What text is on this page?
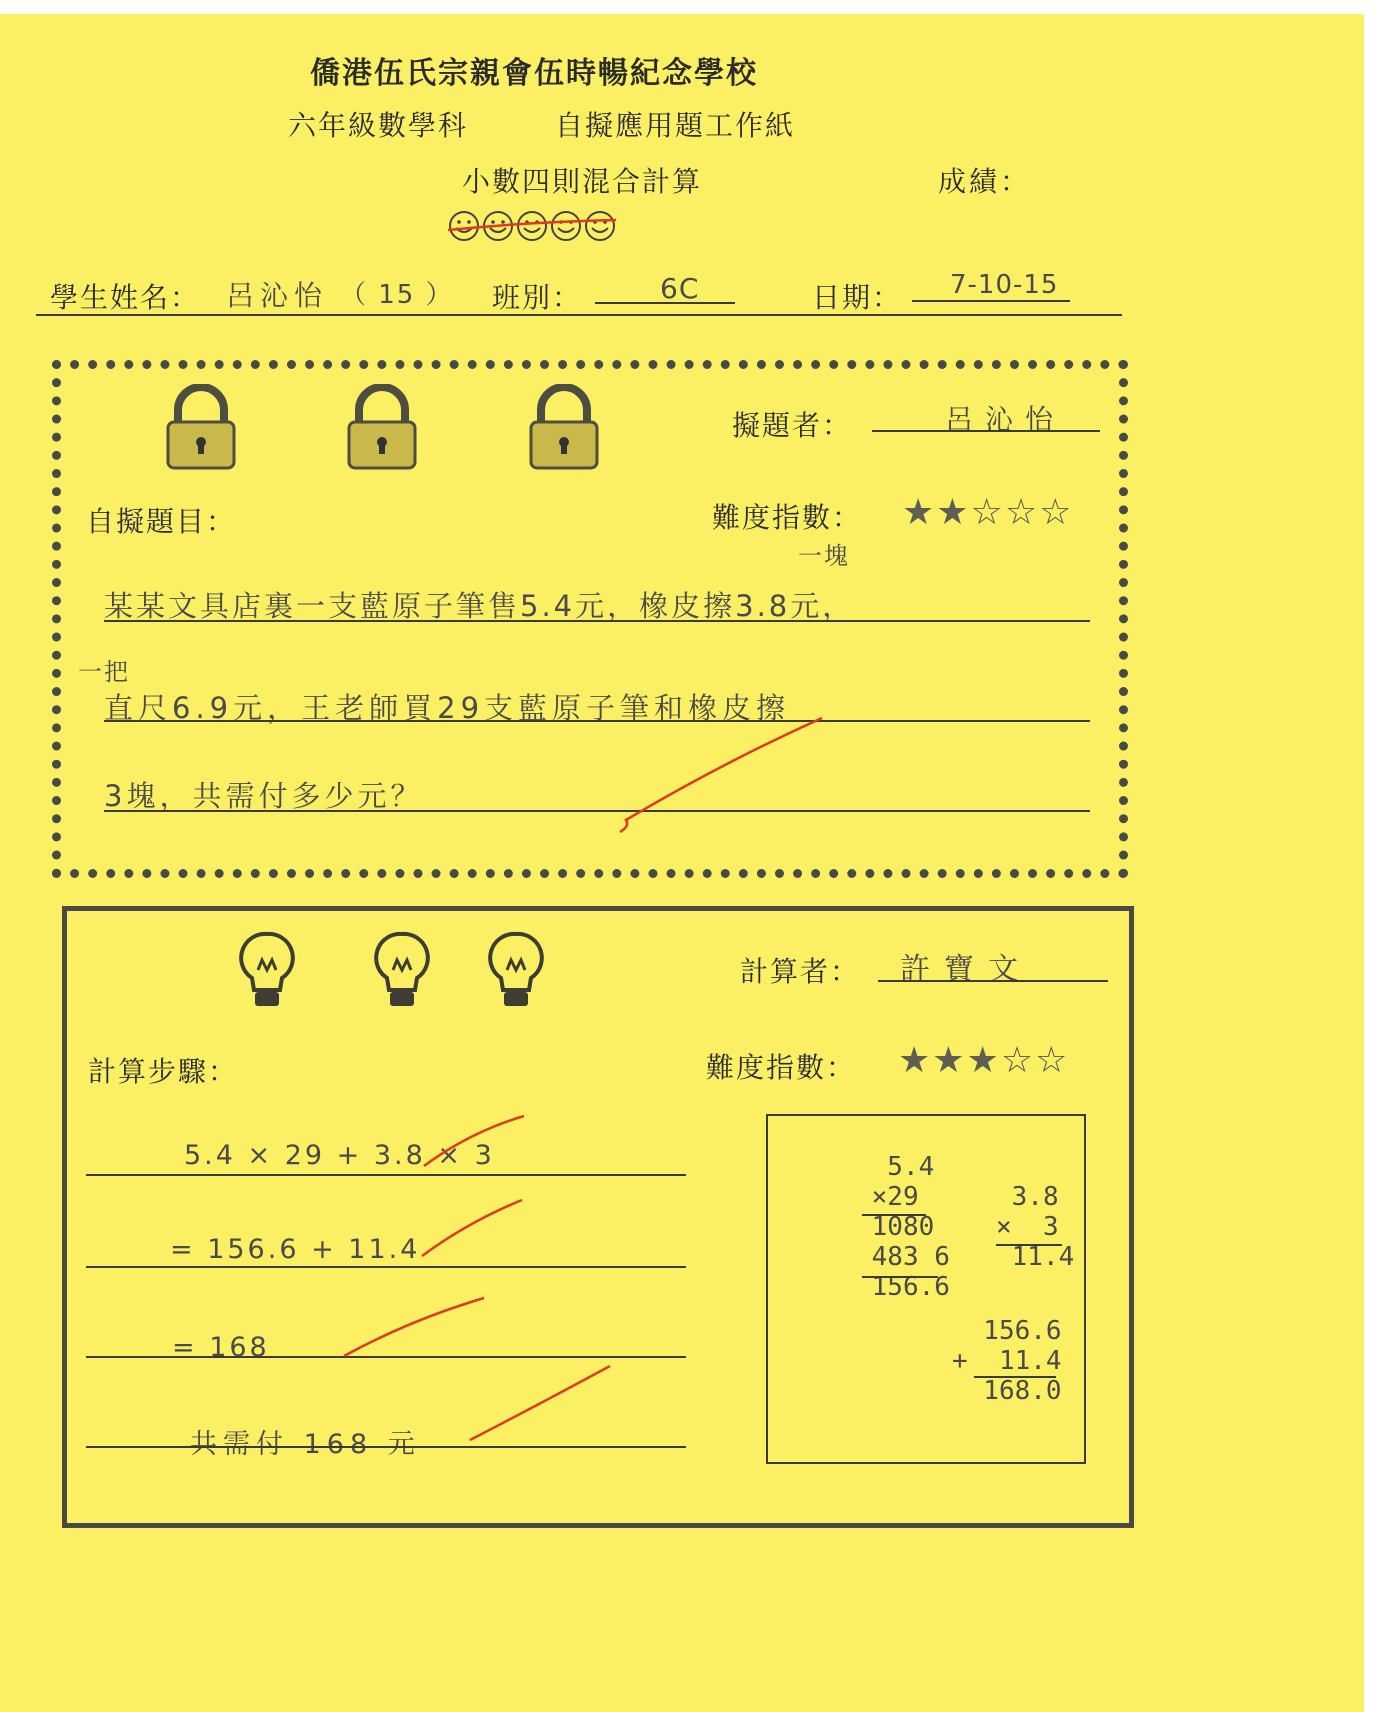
僑港伍氏宗親會伍時暢紀念學校
六年級數學科	自擬應用題工作紙
小數四則混合計算	成績：
學生姓名： 呂沁怡 （ 15 ） 班別：	6C	日期： 7-10-15
擬題者：	呂沁怡
自擬題目：	難度指數： ★★☆☆☆
一塊
某某文具店裏一支藍原子筆售5.4元，橡皮擦3.8元，
一把
直尺6.9元，王老師買29支藍原子筆和橡皮擦
3塊，共需付多少元？
計算者： 許寶文
計算步驟：	難度指數： ★★★☆☆
5.4 × 29 + 3.8 × 3
= 156.6 + 11.4
= 168
共需付 168 元
5.4
×29
1080
483 6
156.6
3.8
×  3
11.4
156.6
+  11.4
168.0
